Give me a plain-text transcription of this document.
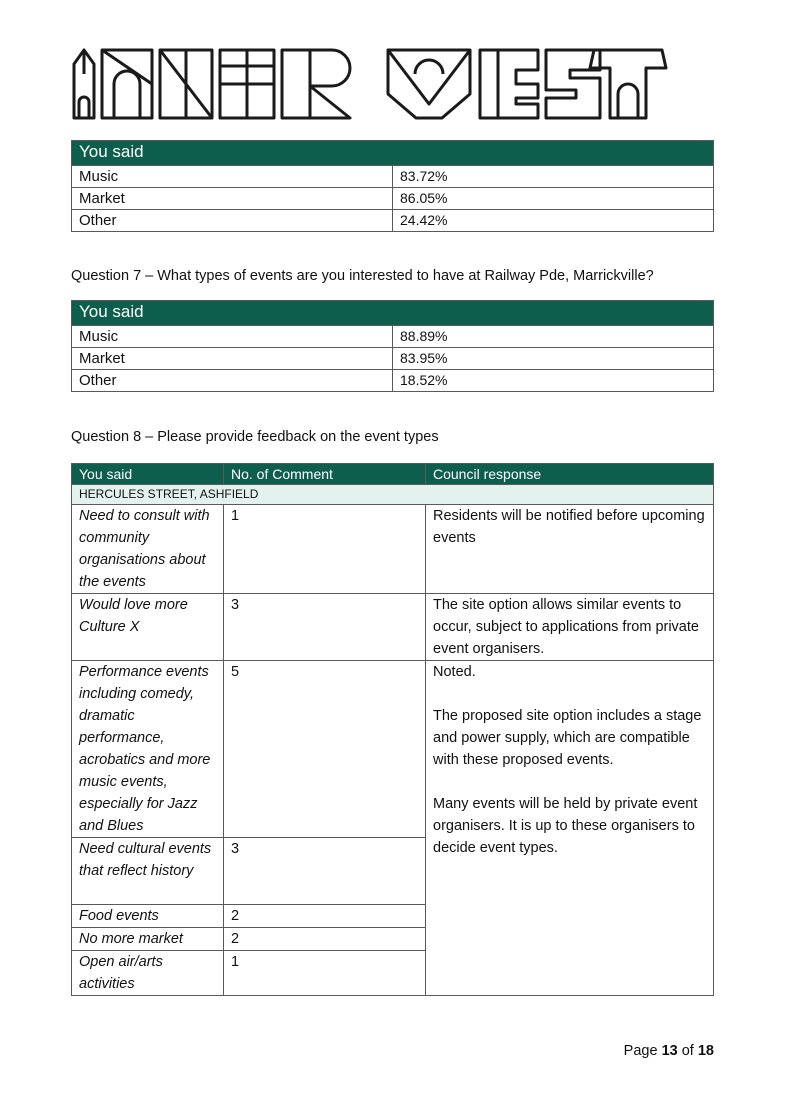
You said	
Music	83.72%
Market	86.05%
Other	24.42%
Question 7 – What types of events are you interested to have at Railway Pde, Marrickville?
You said	
Music	88.89%
Market	83.95%
Other	18.52%
Question 8 – Please provide feedback on the event types
You said	No. of Comment	Council response
HERCULES STREET, ASHFIELD		
Need to consult with community organisations about the events	1	Residents will be notified before upcoming events
Would love more Culture X	3	The site option allows similar events to occur, subject to applications from private event organisers.
Performance events including comedy, dramatic performance, acrobatics and more music events, especially for Jazz and Blues	5	Noted.
The proposed site option includes a stage and power supply, which are compatible with these proposed events.
Many events will be held by private event organisers. It is up to these organisers to decide event types.

Need cultural events that reflect history	3	
Food events	2	
No more market	2	
Open air/arts activities	1	
Page 13 of 18
